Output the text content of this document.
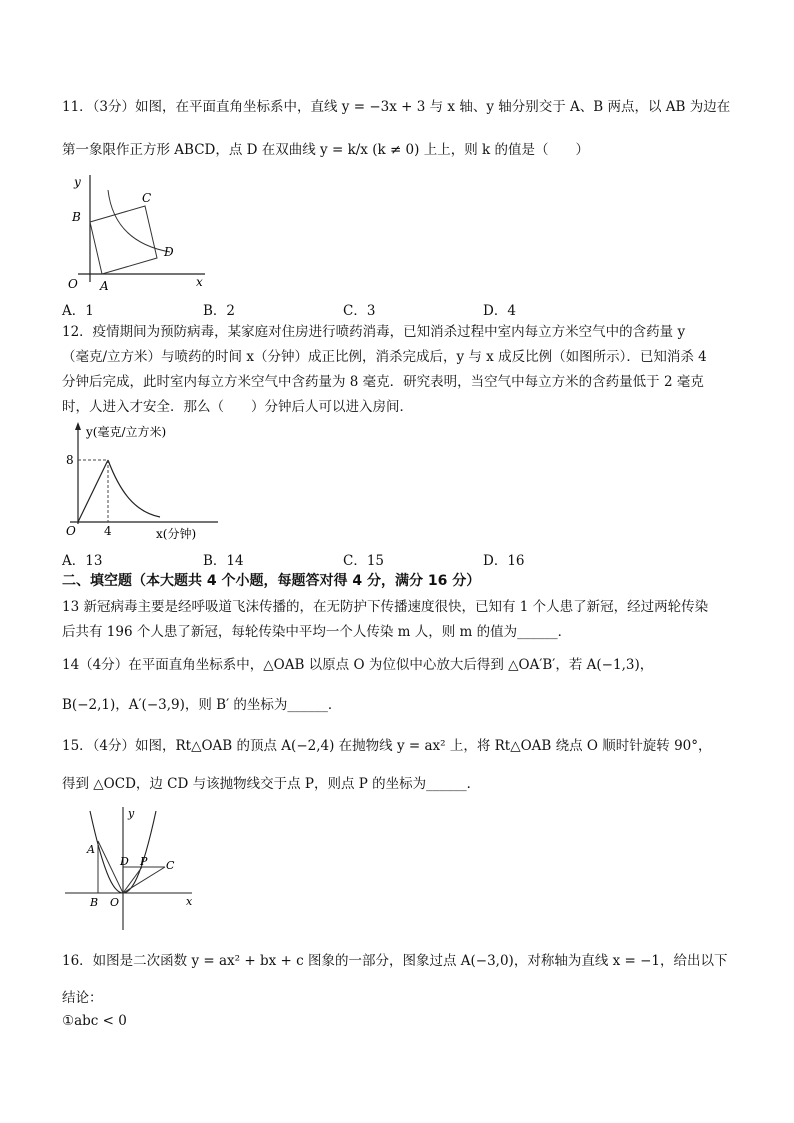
11．（3分）如图，在平面直角坐标系中，直线 y = −3x + 3 与 x 轴、y 轴分别交于 A、B 两点，以 AB 为边在
第一象限作正方形 ABCD，点 D 在双曲线 y = k/x (k ≠ 0) 上上，则 k 的值是（　　）
y
x
O A
B
C
D
A．1	B．2	C．3	D．4
12．疫情期间为预防病毒，某家庭对住房进行喷药消毒，已知消杀过程中室内每立方米空气中的含药量 y
（毫克/立方米）与喷药的时间 x（分钟）成正比例，消杀完成后，y 与 x 成反比例（如图所示）．已知消杀 4
分钟后完成，此时室内每立方米空气中含药量为 8 毫克．研究表明，当空气中每立方米的含药量低于 2 毫克
时，人进入才安全．那么（　　）分钟后人可以进入房间．
y(毫克/立方米)
8
O 4	x(分钟)
A．13	B．14	C．15	D．16
二、填空题（本大题共 4 个小题，每题答对得 4 分，满分 16 分）
13 新冠病毒主要是经呼吸道飞沫传播的，在无防护下传播速度很快，已知有 1 个人患了新冠，经过两轮传染
后共有 196 个人患了新冠，每轮传染中平均一个人传染 m 人，则 m 的值为______．
14（4分）在平面直角坐标系中，△OAB 以原点 O 为位似中心放大后得到 △OA′B′，若 A(−1,3)，
B(−2,1)，A′(−3,9)，则 B′ 的坐标为______．
15．（4分）如图，Rt△OAB 的顶点 A(−2,4) 在抛物线 y = ax² 上，将 Rt△OAB 绕点 O 顺时针旋转 90°，
得到 △OCD，边 CD 与该抛物线交于点 P，则点 P 的坐标为______．
y
x
A
B O
D P C
16．如图是二次函数 y = ax² + bx + c 图象的一部分，图象过点 A(−3,0)，对称轴为直线 x = −1，给出以下
结论：
①abc < 0
